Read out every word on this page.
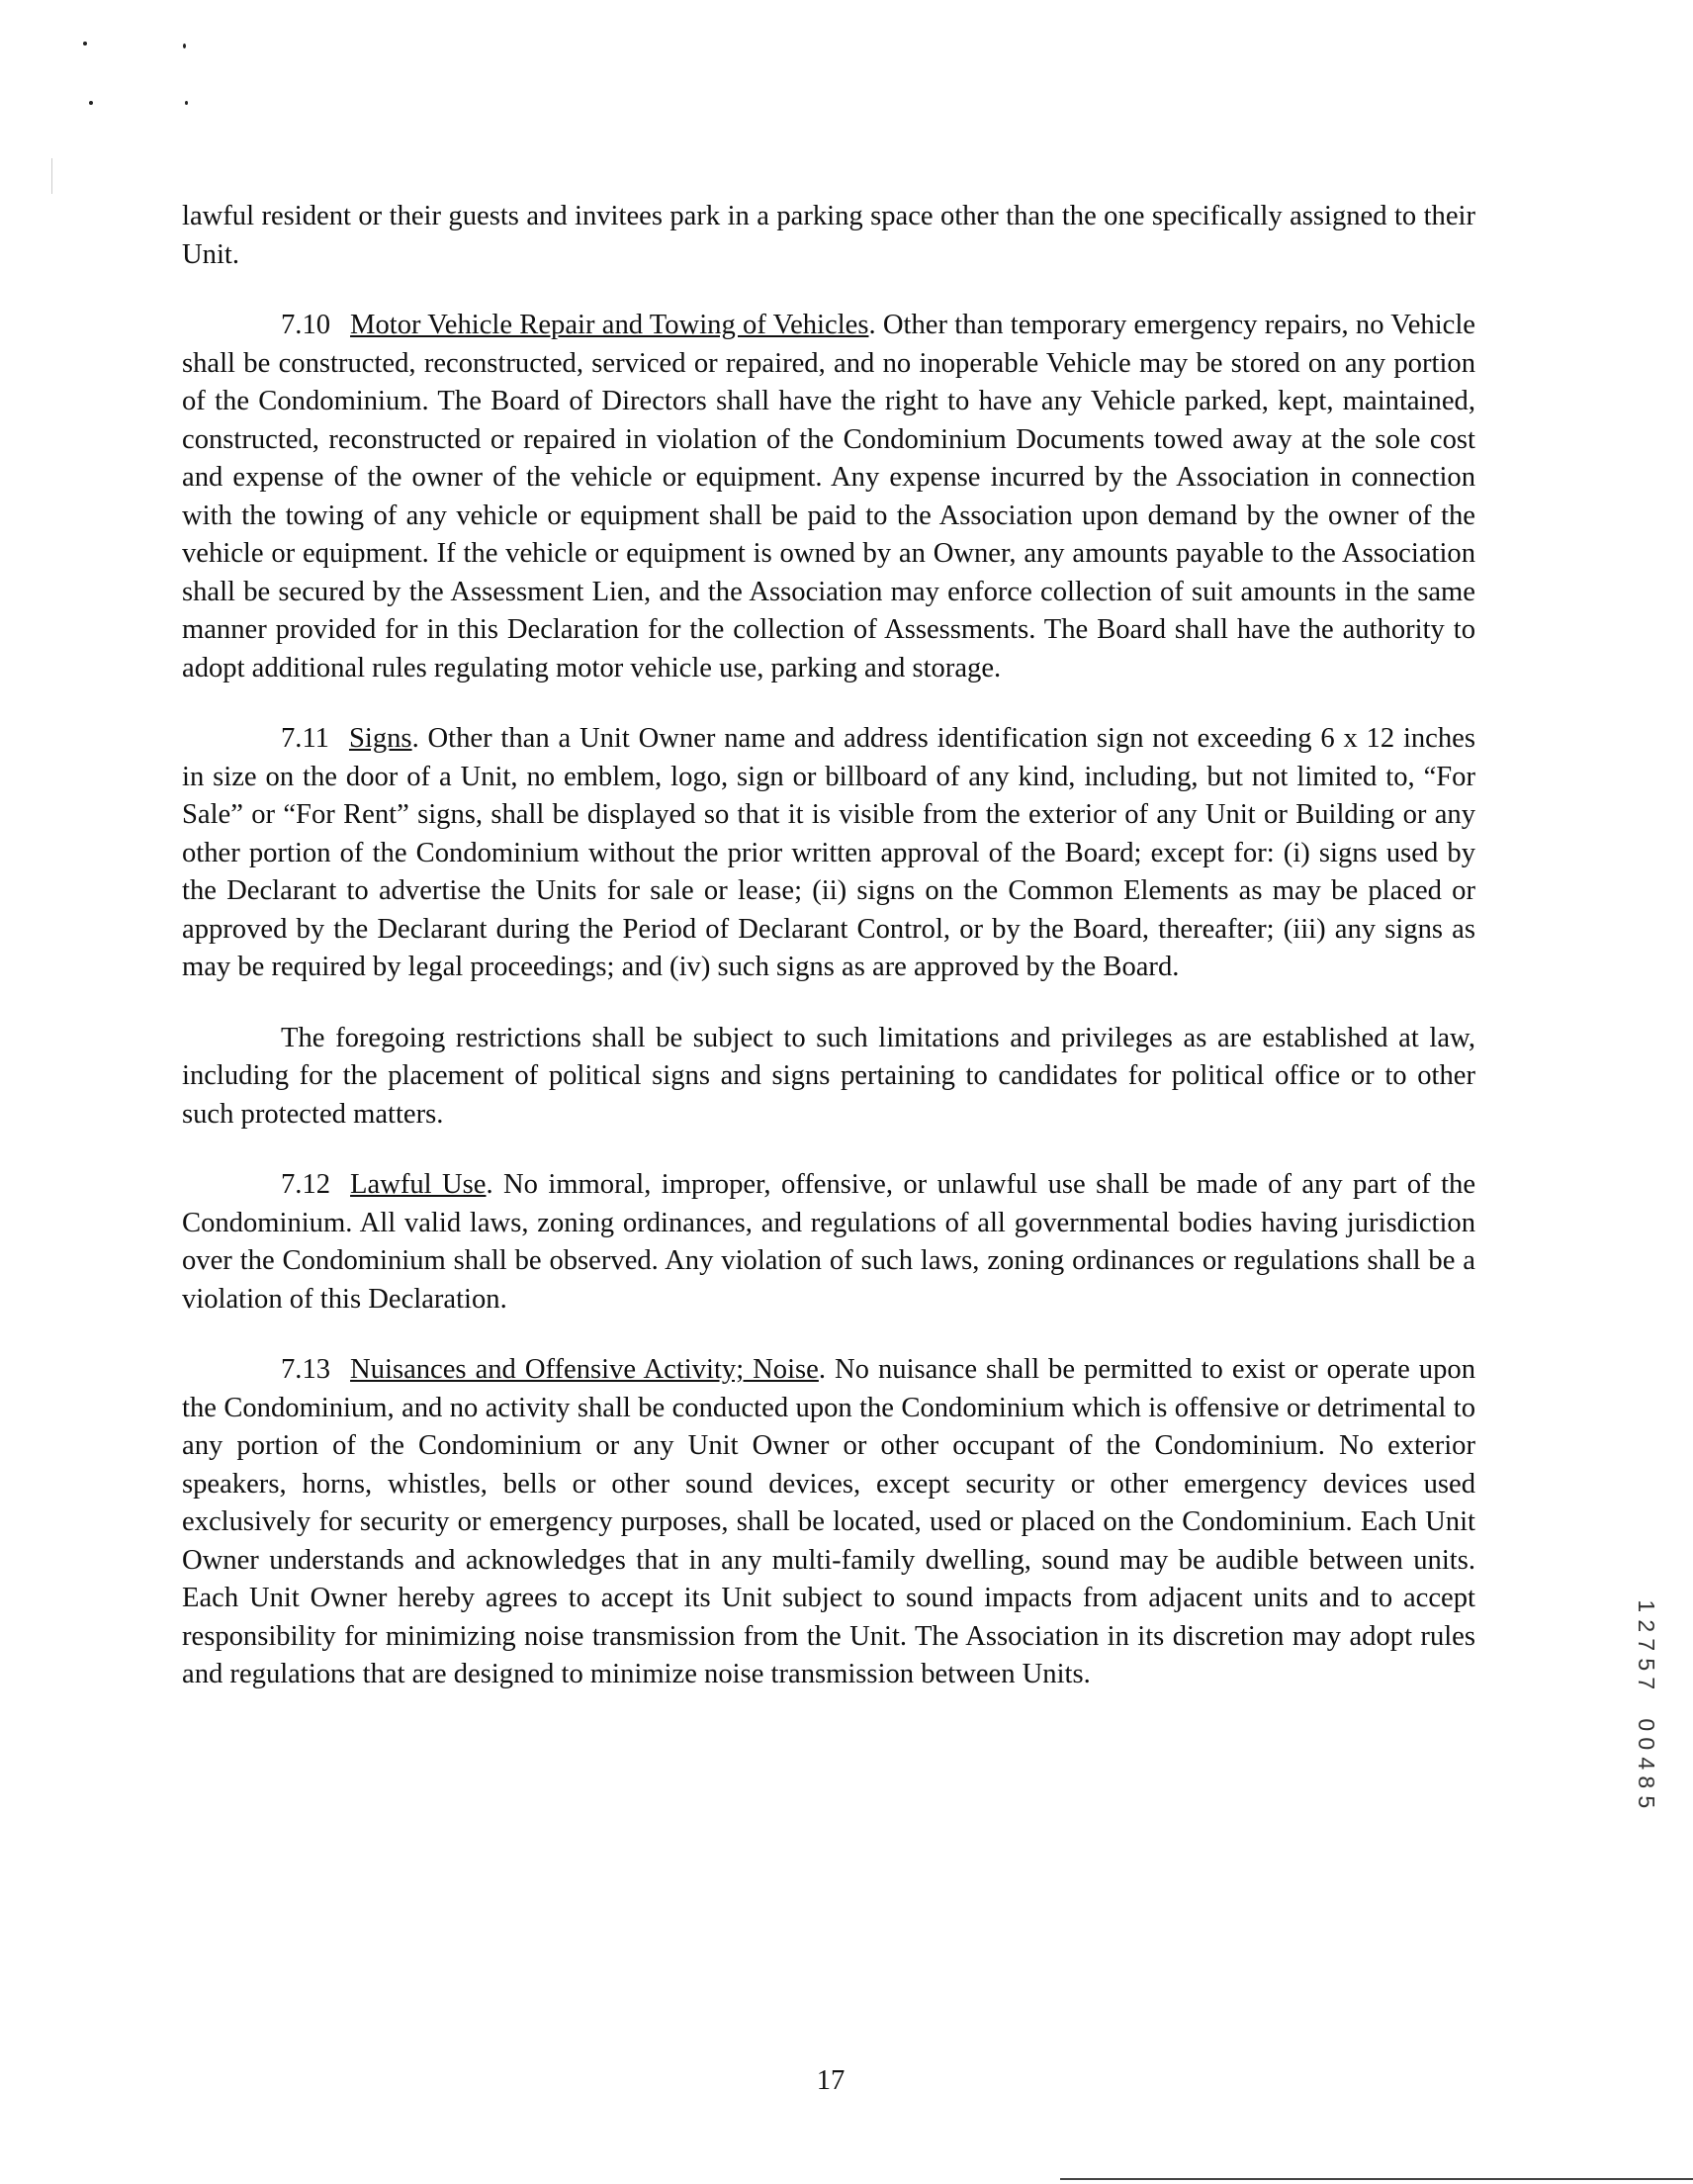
lawful resident or their guests and invitees park in a parking space other than the one specifically assigned to their Unit.

7.10 Motor Vehicle Repair and Towing of Vehicles. Other than temporary emergency repairs, no Vehicle shall be constructed, reconstructed, serviced or repaired, and no inoperable Vehicle may be stored on any portion of the Condominium. The Board of Directors shall have the right to have any Vehicle parked, kept, maintained, constructed, reconstructed or repaired in violation of the Condominium Documents towed away at the sole cost and expense of the owner of the vehicle or equipment. Any expense incurred by the Association in connection with the towing of any vehicle or equipment shall be paid to the Association upon demand by the owner of the vehicle or equipment. If the vehicle or equipment is owned by an Owner, any amounts payable to the Association shall be secured by the Assessment Lien, and the Association may enforce collection of suit amounts in the same manner provided for in this Declaration for the collection of Assessments. The Board shall have the authority to adopt additional rules regulating motor vehicle use, parking and storage.

7.11 Signs. Other than a Unit Owner name and address identification sign not exceeding 6 x 12 inches in size on the door of a Unit, no emblem, logo, sign or billboard of any kind, including, but not limited to, “For Sale” or “For Rent” signs, shall be displayed so that it is visible from the exterior of any Unit or Building or any other portion of the Condominium without the prior written approval of the Board; except for: (i) signs used by the Declarant to advertise the Units for sale or lease; (ii) signs on the Common Elements as may be placed or approved by the Declarant during the Period of Declarant Control, or by the Board, thereafter; (iii) any signs as may be required by legal proceedings; and (iv) such signs as are approved by the Board.

The foregoing restrictions shall be subject to such limitations and privileges as are established at law, including for the placement of political signs and signs pertaining to candidates for political office or to other such protected matters.

7.12 Lawful Use. No immoral, improper, offensive, or unlawful use shall be made of any part of the Condominium. All valid laws, zoning ordinances, and regulations of all governmental bodies having jurisdiction over the Condominium shall be observed. Any violation of such laws, zoning ordinances or regulations shall be a violation of this Declaration.

7.13 Nuisances and Offensive Activity; Noise. No nuisance shall be permitted to exist or operate upon the Condominium, and no activity shall be conducted upon the Condominium which is offensive or detrimental to any portion of the Condominium or any Unit Owner or other occupant of the Condominium. No exterior speakers, horns, whistles, bells or other sound devices, except security or other emergency devices used exclusively for security or emergency purposes, shall be located, used or placed on the Condominium. Each Unit Owner understands and acknowledges that in any multi-family dwelling, sound may be audible between units. Each Unit Owner hereby agrees to accept its Unit subject to sound impacts from adjacent units and to accept responsibility for minimizing noise transmission from the Unit. The Association in its discretion may adopt rules and regulations that are designed to minimize noise transmission between Units.

1
2
7
5
7
0
0
4
8
5
17
